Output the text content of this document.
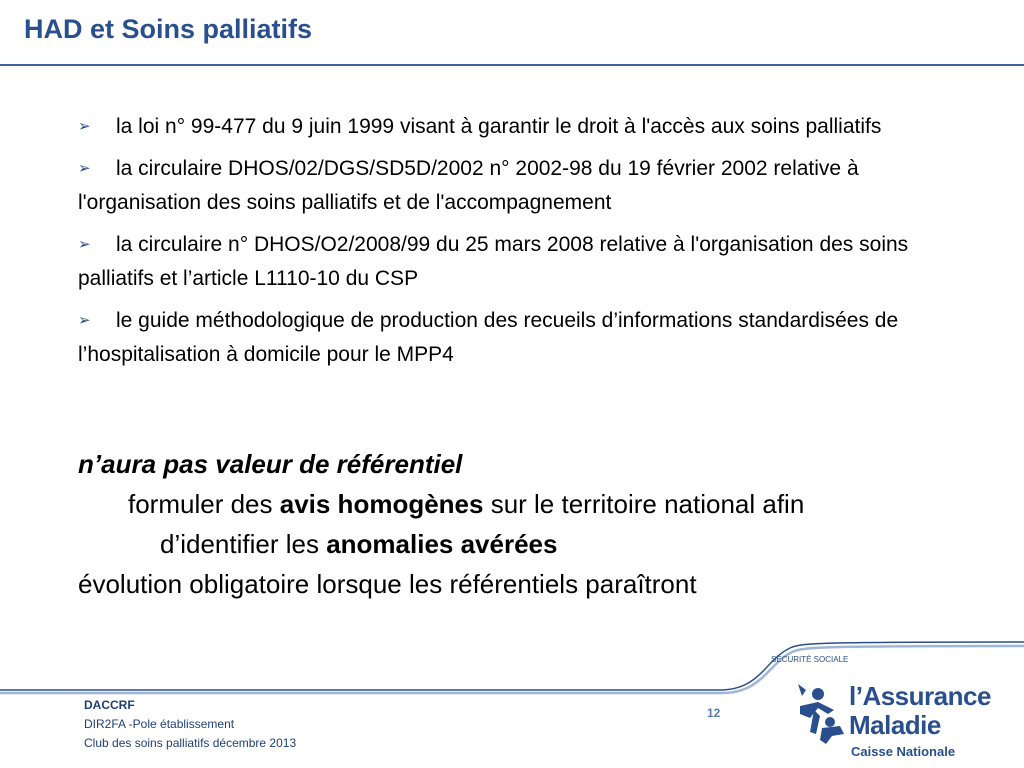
HAD et Soins palliatifs
➢ la loi n° 99-477 du 9 juin 1999 visant à garantir le droit à l'accès aux soins palliatifs
➢ la circulaire DHOS/02/DGS/SD5D/2002 n° 2002-98 du 19 février 2002 relative à l'organisation des soins palliatifs et de l'accompagnement
➢ la circulaire n° DHOS/O2/2008/99 du 25 mars 2008 relative à l'organisation des soins palliatifs et l’article L1110-10 du CSP
➢ le guide méthodologique de production des recueils d’informations standardisées de l’hospitalisation à domicile pour le MPP4
n’aura pas valeur de référentiel
formuler des avis homogènes sur le territoire national afin
d’identifier les anomalies avérées
évolution obligatoire lorsque les référentiels paraîtront
DACCRF
DIR2FA -Pole établissement
Club des soins palliatifs décembre 2013
12
SÉCURITÉ SOCIALE
l’Assurance
Maladie
Caisse Nationale
